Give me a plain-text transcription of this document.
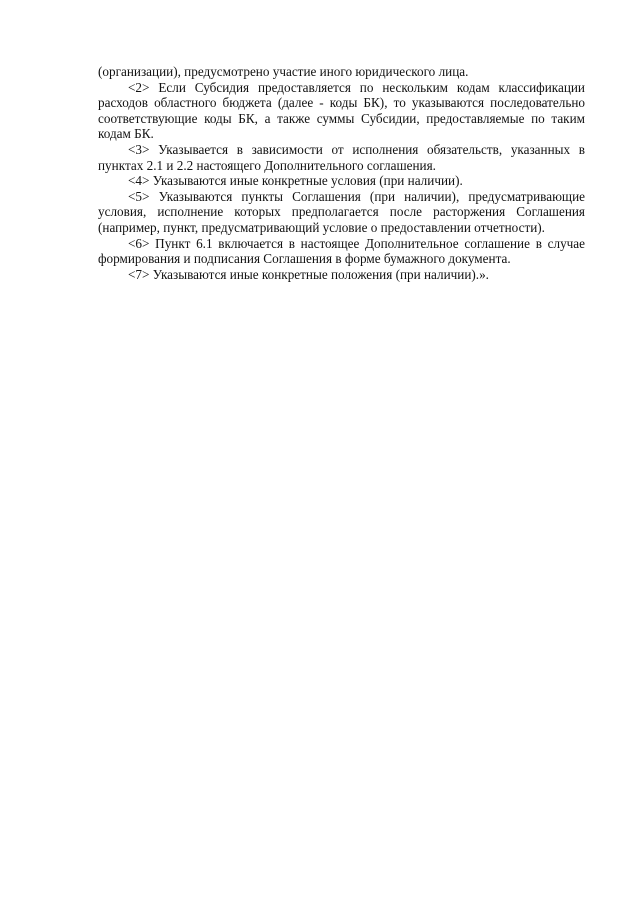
(организации), предусмотрено участие иного юридического лица.

<2> Если Субсидия предоставляется по нескольким кодам классификации расходов областного бюджета (далее - коды БК), то указываются последовательно соответствующие коды БК, а также суммы Субсидии, предоставляемые по таким кодам БК.

<3> Указывается в зависимости от исполнения обязательств, указанных в пунктах 2.1 и 2.2 настоящего Дополнительного соглашения.

<4> Указываются иные конкретные условия (при наличии).

<5> Указываются пункты Соглашения (при наличии), предусматривающие условия, исполнение которых предполагается после расторжения Соглашения (например, пункт, предусматривающий условие о предоставлении отчетности).

<6> Пункт 6.1 включается в настоящее Дополнительное соглашение в случае формирования и подписания Соглашения в форме бумажного документа.

<7> Указываются иные конкретные положения (при наличии).».
